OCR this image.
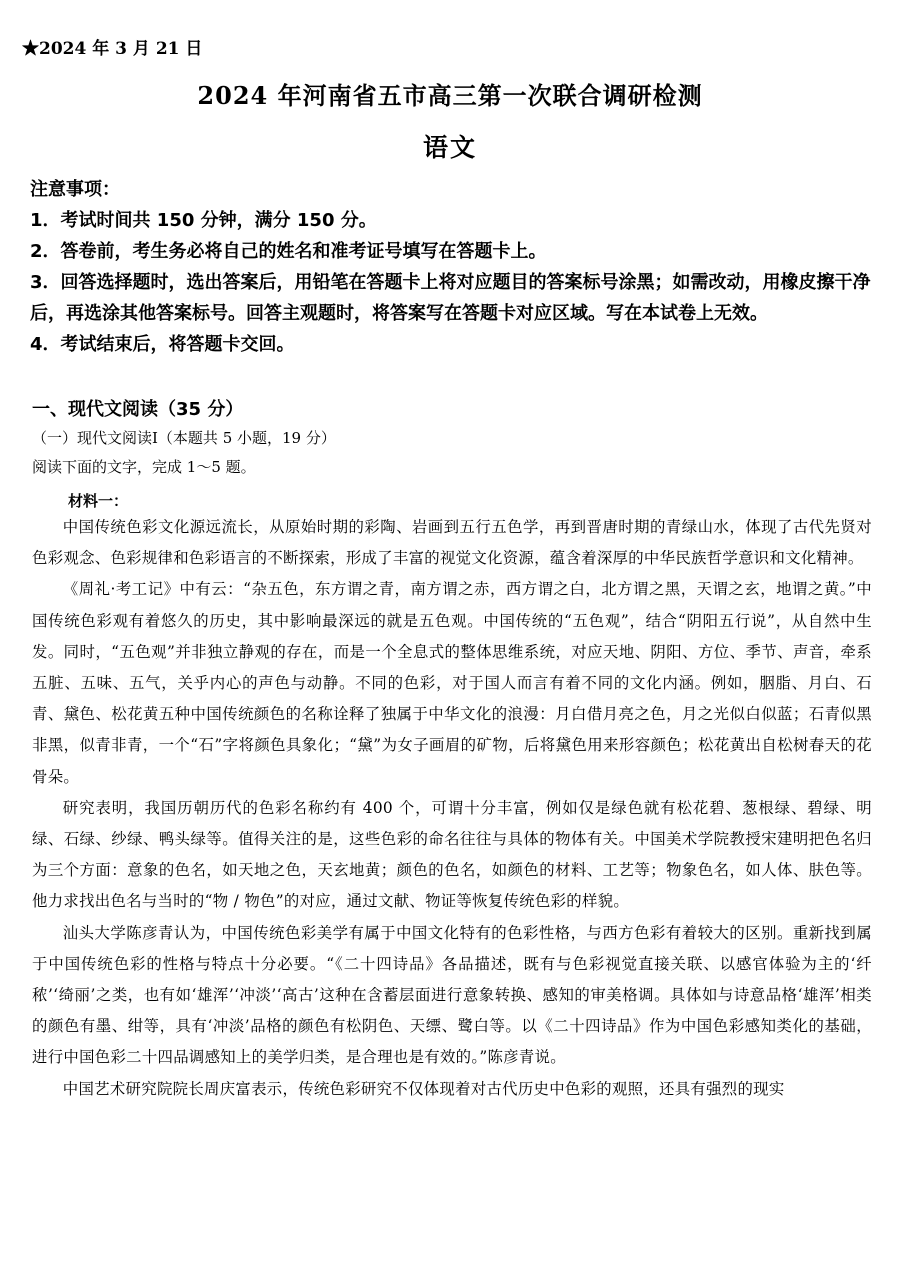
★2024 年 3 月 21 日
2024 年河南省五市高三第一次联合调研检测
语文

注意事项：

1．考试时间共 150 分钟，满分 150 分。

2．答卷前，考生务必将自己的姓名和准考证号填写在答题卡上。

3．回答选择题时，选出答案后，用铅笔在答题卡上将对应题目的答案标号涂黑；如需改动，用橡皮擦干净后，再选涂其他答案标号。回答主观题时，将答案写在答题卡对应区域。写在本试卷上无效。

4．考试结束后，将答题卡交回。

一、现代文阅读（35 分）
（一）现代文阅读Ⅰ（本题共 5 小题，19 分）
阅读下面的文字，完成 1～5 题。
材料一：

中国传统色彩文化源远流长，从原始时期的彩陶、岩画到五行五色学，再到晋唐时期的青绿山水，体现了古代先贤对色彩观念、色彩规律和色彩语言的不断探索，形成了丰富的视觉文化资源，蕴含着深厚的中华民族哲学意识和文化精神。

《周礼·考工记》中有云：“杂五色，东方谓之青，南方谓之赤，西方谓之白，北方谓之黑，天谓之玄，地谓之黄。”中国传统色彩观有着悠久的历史，其中影响最深远的就是五色观。中国传统的“五色观”，结合“阴阳五行说”，从自然中生发。同时，“五色观”并非独立静观的存在，而是一个全息式的整体思维系统，对应天地、阴阳、方位、季节、声音，牵系五脏、五味、五气，关乎内心的声色与动静。不同的色彩，对于国人而言有着不同的文化内涵。例如，胭脂、月白、石青、黛色、松花黄五种中国传统颜色的名称诠释了独属于中华文化的浪漫：月白借月亮之色，月之光似白似蓝；石青似黑非黑，似青非青，一个“石”字将颜色具象化；“黛”为女子画眉的矿物，后将黛色用来形容颜色；松花黄出自松树春天的花骨朵。

研究表明，我国历朝历代的色彩名称约有 400 个，可谓十分丰富，例如仅是绿色就有松花碧、葱根绿、碧绿、明绿、石绿、纱绿、鸭头绿等。值得关注的是，这些色彩的命名往往与具体的物体有关。中国美术学院教授宋建明把色名归为三个方面：意象的色名，如天地之色，天玄地黄；颜色的色名，如颜色的材料、工艺等；物象色名，如人体、肤色等。他力求找出色名与当时的“物 / 物色”的对应，通过文献、物证等恢复传统色彩的样貌。

汕头大学陈彦青认为，中国传统色彩美学有属于中国文化特有的色彩性格，与西方色彩有着较大的区别。重新找到属于中国传统色彩的性格与特点十分必要。“《二十四诗品》各品描述，既有与色彩视觉直接关联、以感官体验为主的‘纤秾’‘绮丽’之类，也有如‘雄浑’‘冲淡’‘高古’这种在含蓄层面进行意象转换、感知的审美格调。具体如与诗意品格‘雄浑’相类的颜色有墨、绀等，具有‘冲淡’品格的颜色有松阴色、天缥、鹭白等。以《二十四诗品》作为中国色彩感知类化的基础，进行中国色彩二十四品调感知上的美学归类，是合理也是有效的。”陈彦青说。

中国艺术研究院院长周庆富表示，传统色彩研究不仅体现着对古代历史中色彩的观照，还具有强烈的现实
